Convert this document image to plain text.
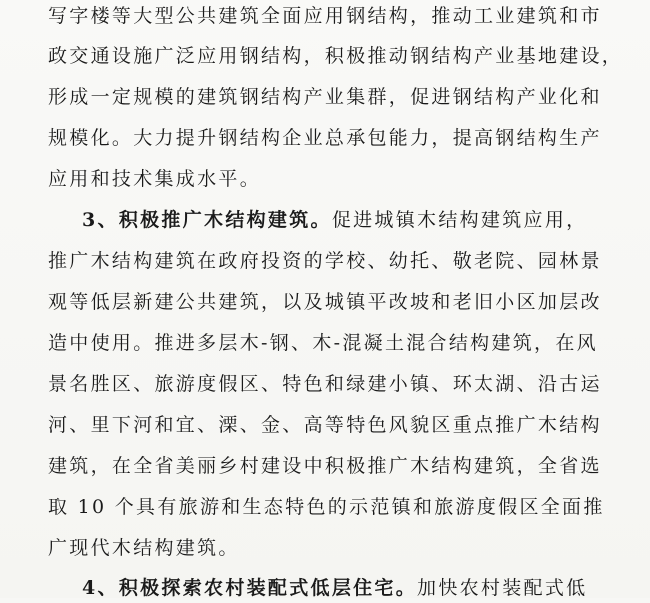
写字楼等大型公共建筑全面应用钢结构，推动工业建筑和市
政交通设施广泛应用钢结构，积极推动钢结构产业基地建设，
形成一定规模的建筑钢结构产业集群，促进钢结构产业化和
规模化。大力提升钢结构企业总承包能力，提高钢结构生产
应用和技术集成水平。
3、积极推广木结构建筑。促进城镇木结构建筑应用，
推广木结构建筑在政府投资的学校、幼托、敬老院、园林景
观等低层新建公共建筑，以及城镇平改坡和老旧小区加层改
造中使用。推进多层木-钢、木-混凝土混合结构建筑，在风
景名胜区、旅游度假区、特色和绿建小镇、环太湖、沿古运
河、里下河和宜、溧、金、高等特色风貌区重点推广木结构
建筑，在全省美丽乡村建设中积极推广木结构建筑，全省选
取 10 个具有旅游和生态特色的示范镇和旅游度假区全面推
广现代木结构建筑。
4、积极探索农村装配式低层住宅。加快农村装配式低
